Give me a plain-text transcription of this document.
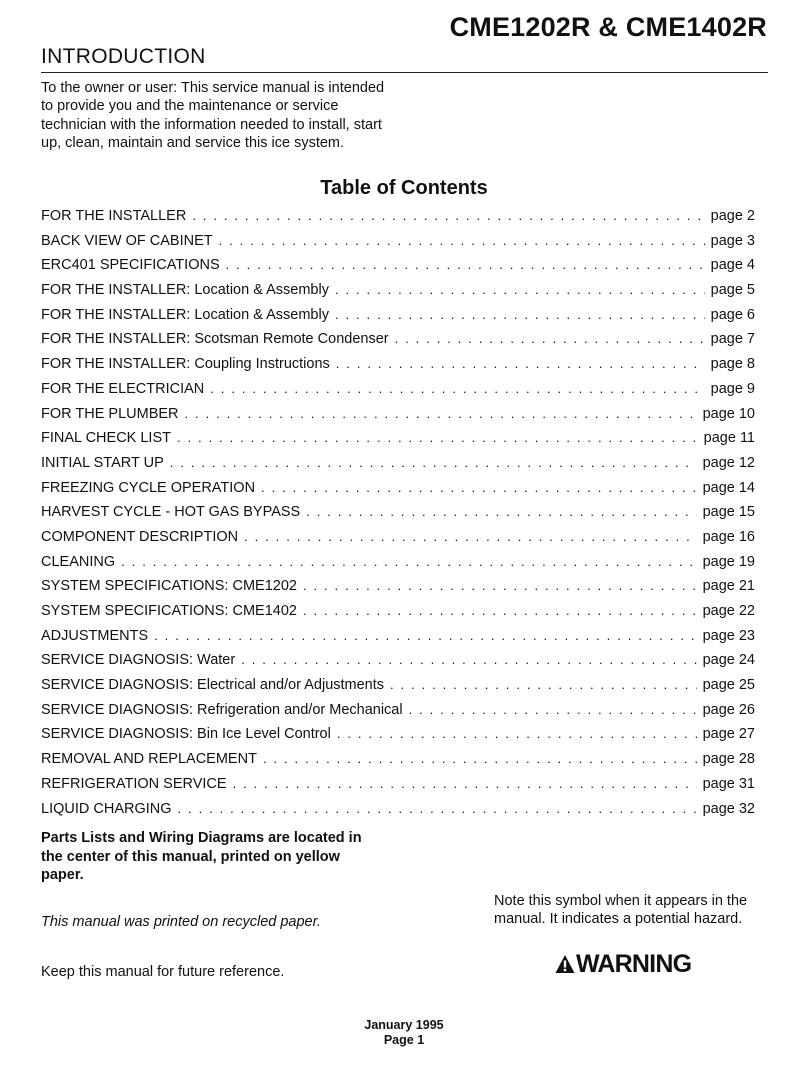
CME1202R & CME1402R
INTRODUCTION
To the owner or user: This service manual is intended to provide you and the maintenance or service technician with the information needed to install, start up, clean, maintain and service this ice system.
Table of Contents
FOR THE INSTALLER . . .	page 2
BACK VIEW OF CABINET . . .	page 3
ERC401 SPECIFICATIONS . . .	page 4
FOR THE INSTALLER: Location & Assembly . . .	page 5
FOR THE INSTALLER: Location & Assembly . . .	page 6
FOR THE INSTALLER: Scotsman Remote Condenser . . .	page 7
FOR THE INSTALLER: Coupling Instructions . . .	page 8
FOR THE ELECTRICIAN . . .	page 9
FOR THE PLUMBER . . .	page 10
FINAL CHECK LIST . . .	page 11
INITIAL START UP . . .	page 12
FREEZING CYCLE OPERATION . . .	page 14
HARVEST CYCLE - HOT GAS BYPASS . . .	page 15
COMPONENT DESCRIPTION . . .	page 16
CLEANING . . .	page 19
SYSTEM SPECIFICATIONS: CME1202 . . .	page 21
SYSTEM SPECIFICATIONS: CME1402 . . .	page 22
ADJUSTMENTS . . .	page 23
SERVICE DIAGNOSIS: Water . . .	page 24
SERVICE DIAGNOSIS: Electrical and/or Adjustments . . .	page 25
SERVICE DIAGNOSIS: Refrigeration and/or Mechanical . . .	page 26
SERVICE DIAGNOSIS: Bin Ice Level Control . . .	page 27
REMOVAL AND REPLACEMENT . . .	page 28
REFRIGERATION SERVICE . . .	page 31
LIQUID CHARGING . . .	page 32
Parts Lists and Wiring Diagrams are located in the center of this manual, printed on yellow paper.
This manual was printed on recycled paper.
Keep this manual for future reference.
Note this symbol when it appears in the manual. It indicates a potential hazard.
WARNING
January 1995
Page 1
